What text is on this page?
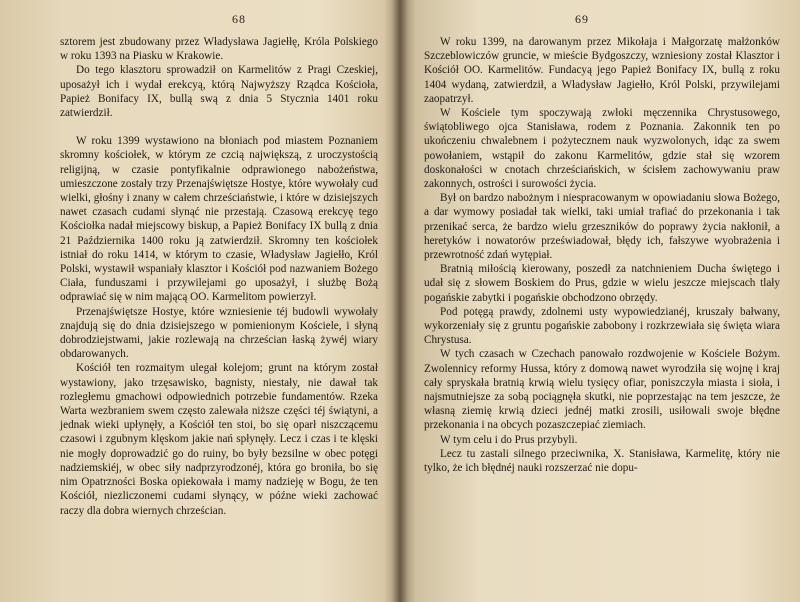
68

sztorem jest zbudowany przez Władysława Jagiełłę, Króla Polskiego w roku 1393 na Piasku w Krakowie.

Do tego klasztoru sprowadził on Karmelitów z Pragi Czeskiej, uposażył ich i wydał erekcyą, którą Najwyższy Rządca Kościoła, Papież Bonifacy IX, bullą swą z dnia 5 Stycznia 1401 roku zatwierdził.

W roku 1399 wystawiono na błoniach pod miastem Poznaniem skromny kościołek, w którym ze czcią największą, z uroczystością religijną, w czasie pontyfikalnie odprawionego nabożeństwa, umieszczone zostały trzy Przenajświętsze Hostye, które wywołały cud wielki, głośny i znany w całem chrześciaństwie, i które w dzisiejszych nawet czasach cudami słynąć nie przestają. Czasową erekcyę tego Kościołka nadał miejscowy biskup, a Papież Bonifacy IX bullą z dnia 21 Października 1400 roku ją zatwierdził. Skromny ten kościołek istniał do roku 1414, w którym to czasie, Władysław Jagiełło, Król Polski, wystawił wspaniały klasztor i Kościół pod nazwaniem Bożego Ciała, funduszami i przywilejami go uposażył, i służbę Bożą odprawiać się w nim mającą OO. Karmelitom powierzył.

Przenajświętsze Hostye, które wzniesienie téj budowli wywołały znajdują się do dnia dzisiejszego w pomienionym Kościele, i słyną dobrodziejstwami, jakie rozlewają na chrześcian łaską żywéj wiary obdarowanych.

Kościół ten rozmaitym ulegał kolejom; grunt na którym został wystawiony, jako trzęsawisko, bagnisty, niestały, nie dawał tak rozległemu gmachowi odpowiednich potrzebie fundamentów. Rzeka Warta wezbraniem swem często zalewała niższe części téj świątyni, a jednak wieki upłynęły, a Kościół ten stoi, bo się oparł niszczącemu czasowi i zgubnym klęskom jakie nań spłynęły. Lecz i czas i te klęski nie mogły doprowadzić go do ruiny, bo były bezsilne w obec potęgi nadziemskiéj, w obec siły nadprzyrodzonéj, która go broniła, bo się nim Opatrzności Boska opiekowała i mamy nadzieję w Bogu, że ten Kościół, niezliczonemi cudami słynący, w późne wieki zachować raczy dla dobra wiernych chrześcian.

69

W roku 1399, na darowanym przez Mikołaja i Małgorzatę małżonków Szczeblowiczów gruncie, w mieście Bydgoszczy, wzniesiony został Klasztor i Kościół OO. Karmelitów. Fundacyą jego Papież Bonifacy IX, bullą z roku 1404 wydaną, zatwierdził, a Władysław Jagiełło, Król Polski, przywilejami zaopatrzył.

W Kościele tym spoczywają zwłoki męczennika Chrystusowego, świątobliwego ojca Stanisława, rodem z Poznania. Zakonnik ten po ukończeniu chwalebnem i pożytecznem nauk wyzwolonych, idąc za swem powołaniem, wstąpił do zakonu Karmelitów, gdzie stał się wzorem doskonałości w cnotach chrześciańskich, w ścisłem zachowywaniu praw zakonnych, ostrości i surowości życia.

Był on bardzo nabożnym i niespracowanym w opowiadaniu słowa Bożego, a dar wymowy posiadał tak wielki, taki umiał trafiać do przekonania i tak przenikać serca, że bardzo wielu grzeszników do poprawy życia nakłonił, a heretyków i nowatorów przeświadował, błędy ich, fałszywe wyobrażenia i przewrotność zdań wytępiał.

Bratnią miłością kierowany, poszedł za natchnieniem Ducha świętego i udał się z słowem Boskiem do Prus, gdzie w wielu jeszcze miejscach tlały pogańskie zabytki i pogańskie obchodzono obrzędy.

Pod potęgą prawdy, zdolnemi usty wypowiedzianéj, kruszały bałwany, wykorzeniały się z gruntu pogańskie zabobony i rozkrzewiała się święta wiara Chrystusa.

W tych czasach w Czechach panowało rozdwojenie w Kościele Bożym. Zwolennicy reformy Hussa, który z domową nawet wyrodziła się wojnę i kraj cały spryskała bratnią krwią wielu tysięcy ofiar, poniszczyła miasta i sioła, i najsmutniejsze za sobą pociągnęła skutki, nie poprzestając na tem jeszcze, że własną ziemię krwią dzieci jednéj matki zrosili, usiłowali swoje błędne przekonania i na obcych pozaszczepiać ziemiach.

W tym celu i do Prus przybyli.

Lecz tu zastali silnego przeciwnika, X. Stanisława, Karmelitę, który nie tylko, że ich błędnéj nauki rozszerzać nie dopu-
